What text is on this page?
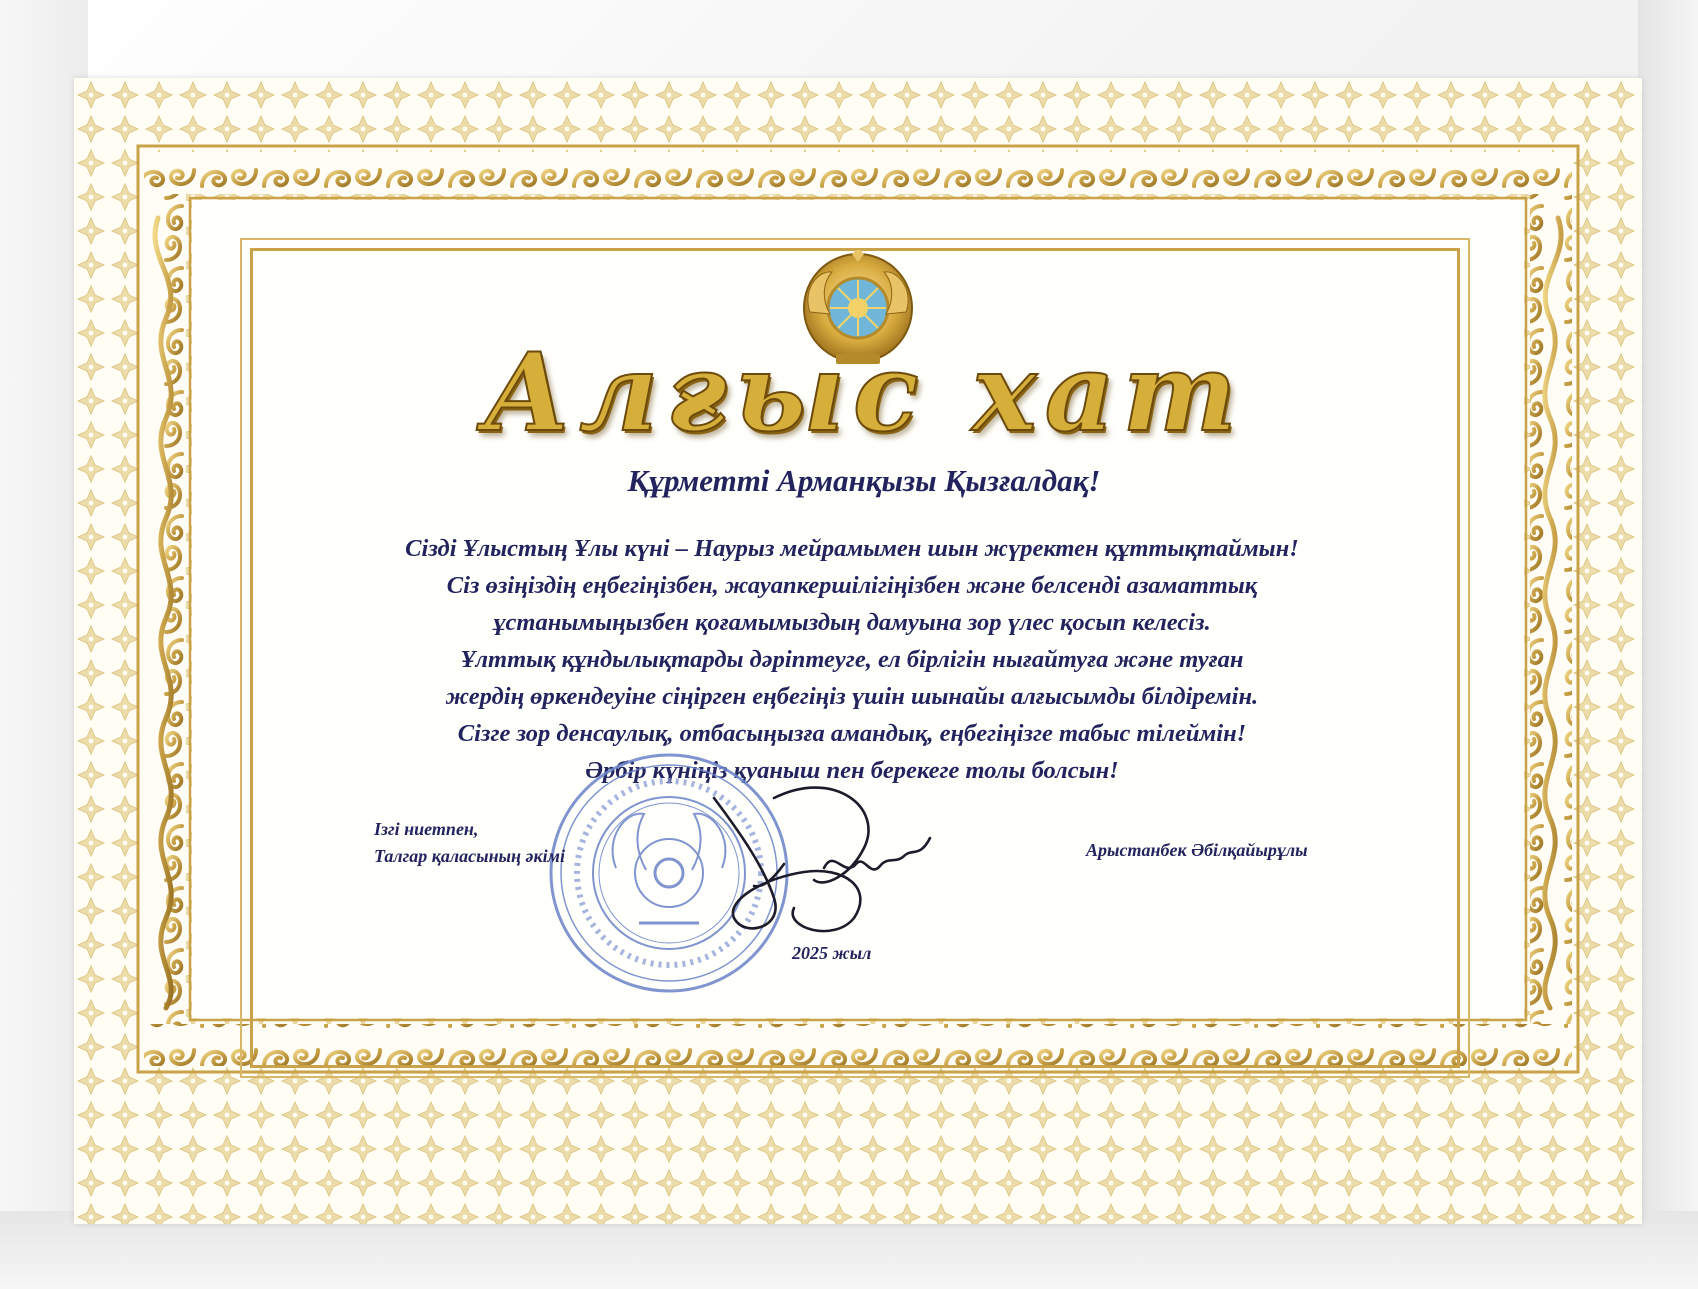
Алғыс хат
Құрметті Арманқызы Қызғалдақ!
Сізді Ұлыстың Ұлы күні – Наурыз мейрамымен шын жүректен құттықтаймын!
Сіз өзіңіздің еңбегіңізбен, жауапкершілігіңізбен және белсенді азаматтық
ұстанымыңызбен қоғамымыздың дамуына зор үлес қосып келесіз.
Ұлттық құндылықтарды дәріптеуге, ел бірлігін нығайтуға және туған
жердің өркендеуіне сіңірген еңбегіңіз үшін шынайы алғысымды білдіремін.
Сізге зор денсаулық, отбасыңызға амандық, еңбегіңізге табыс тілеймін!
Әрбір күніңіз қуаныш пен берекеге толы болсын!
Ізгі ниетпен,
Талгар қаласының әкімі	Арыстанбек Әбілқайырұлы
2025 жыл
